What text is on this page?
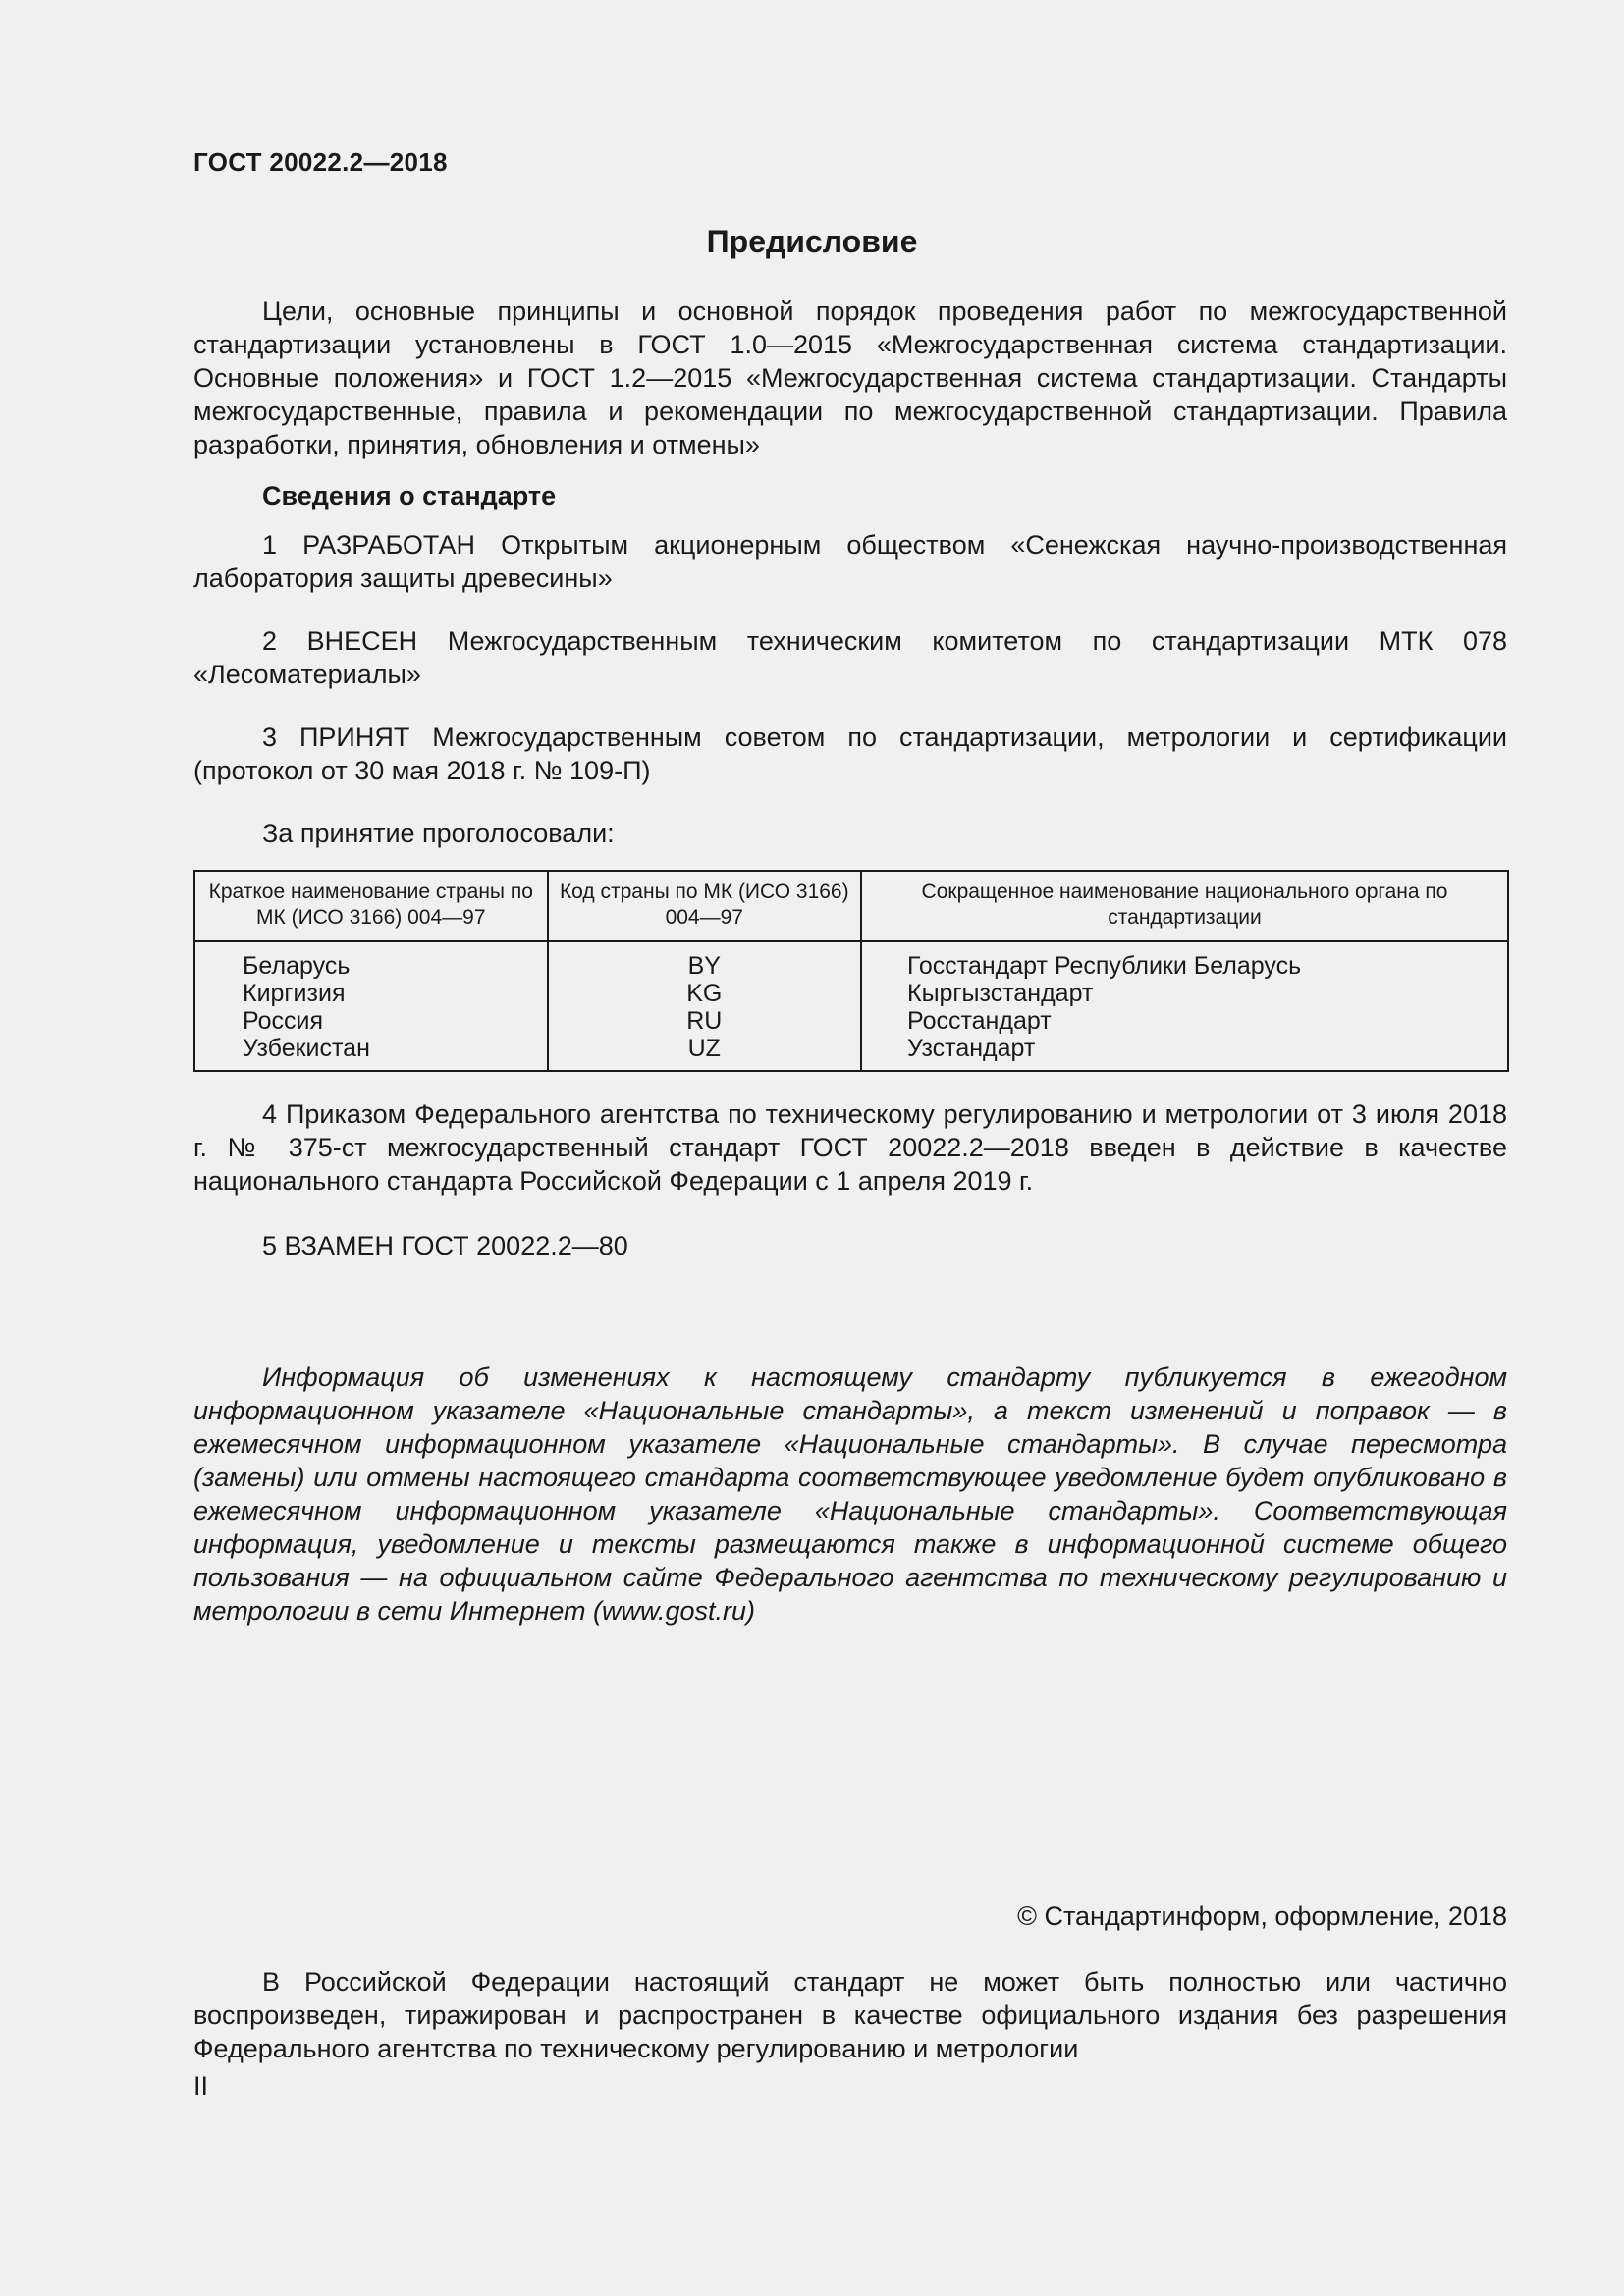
ГОСТ 20022.2—2018
Предисловие
Цели, основные принципы и основной порядок проведения работ по межгосударственной стандартизации установлены в ГОСТ 1.0—2015 «Межгосударственная система стандартизации. Основные положения» и ГОСТ 1.2—2015 «Межгосударственная система стандартизации. Стандарты межгосударственные, правила и рекомендации по межгосударственной стандартизации. Правила разработки, принятия, обновления и отмены»
Сведения о стандарте
1 РАЗРАБОТАН Открытым акционерным обществом «Сенежская научно-производственная лаборатория защиты древесины»
2 ВНЕСЕН Межгосударственным техническим комитетом по стандартизации МТК 078 «Лесоматериалы»
3 ПРИНЯТ Межгосударственным советом по стандартизации, метрологии и сертификации (протокол от 30 мая 2018 г. № 109-П)
За принятие проголосовали:
Краткое наименование страны по МК (ИСО 3166) 004—97	Код страны по МК (ИСО 3166) 004—97	Сокращенное наименование национального органа по стандартизации
Беларусь	BY	Госстандарт Республики Беларусь
Киргизия	KG	Кыргызстандарт
Россия	RU	Росстандарт
Узбекистан	UZ	Узстандарт
4 Приказом Федерального агентства по техническому регулированию и метрологии от 3 июля 2018 г. № 375-ст межгосударственный стандарт ГОСТ 20022.2—2018 введен в действие в качестве национального стандарта Российской Федерации с 1 апреля 2019 г.
5 ВЗАМЕН ГОСТ 20022.2—80
Информация об изменениях к настоящему стандарту публикуется в ежегодном информационном указателе «Национальные стандарты», а текст изменений и поправок — в ежемесячном информационном указателе «Национальные стандарты». В случае пересмотра (замены) или отмены настоящего стандарта соответствующее уведомление будет опубликовано в ежемесячном информационном указателе «Национальные стандарты». Соответствующая информация, уведомление и тексты размещаются также в информационной системе общего пользования — на официальном сайте Федерального агентства по техническому регулированию и метрологии в сети Интернет (www.gost.ru)
© Стандартинформ, оформление, 2018
В Российской Федерации настоящий стандарт не может быть полностью или частично воспроизведен, тиражирован и распространен в качестве официального издания без разрешения Федерального агентства по техническому регулированию и метрологии
II
